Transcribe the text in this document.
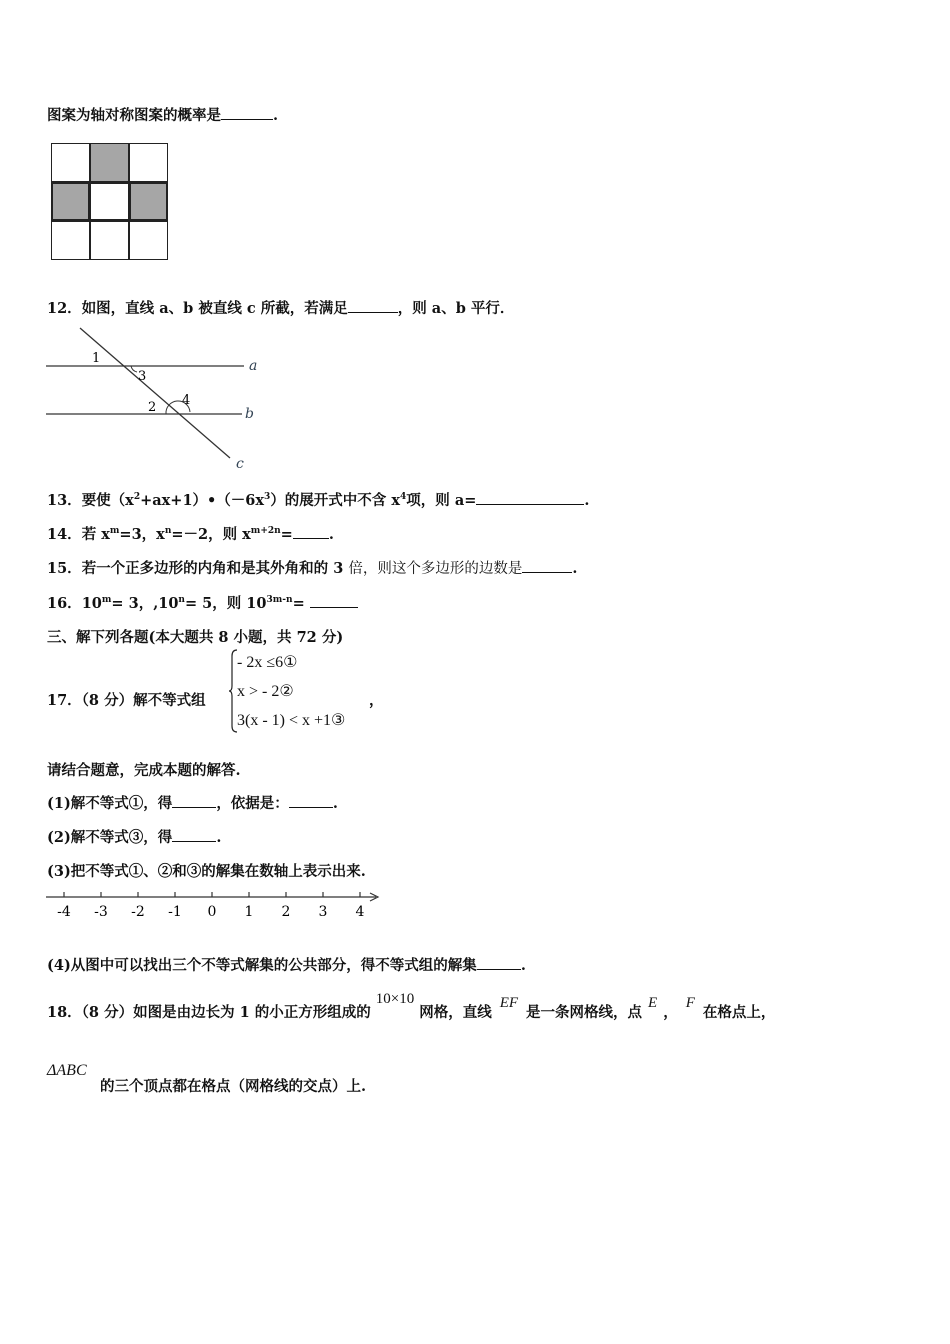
图案为轴对称图案的概率是	.
12．如图，直线 a、b 被直线 c 所截，若满足	，则 a、b 平行．
1
3
2 4
a
b
c
13．要使$(x^2+ax+1)•(-6x^3)$的展开式中不含 $x^4$项，则 a=	.
14．若 $x^m=3$，$x^n=-2$，则 $x^{m+2n}=$ .
15．若一个正多边形的内角和是其外角和的 3 倍，则这个多边形的边数是	.
16．$10^m= 3$，$,10^n= 5$，则 $10^{3m-n}=$
三、解下列各题(本大题共 8 小题，共 72 分)
17．（8 分）解不等式组
- 2x ≤6①
x > - 2②
3(x - 1) < x +1③
，
请结合题意，完成本题的解答.
(1)解不等式①，得	，依据是：	.
(2)解不等式③，得	.
(3)把不等式①、②和③的解集在数轴上表示出来.
-4 -3 -2 -1 0 1 2 3 4
(4)从图中可以找出三个不等式解集的公共部分，得不等式组的解集	.
18．（8 分）如图是由边长为 1 的小正方形组成的10×10网格，直线EF是一条网格线，点E，F在格点上，
ΔABC
的三个顶点都在格点（网格线的交点）上.
